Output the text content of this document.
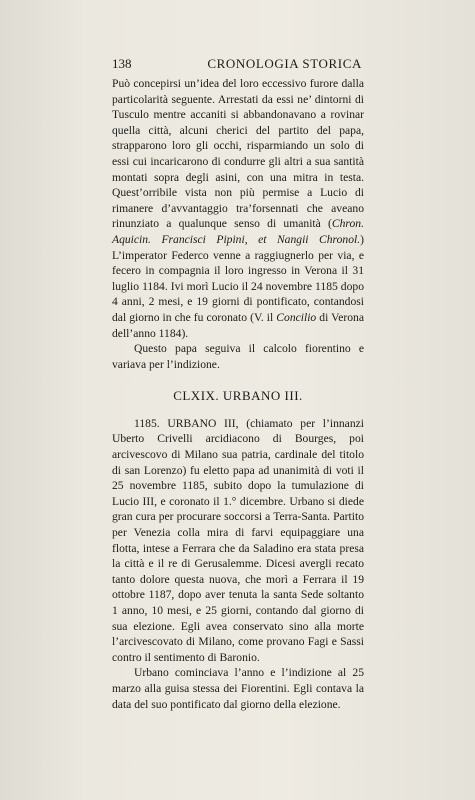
138	CRONOLOGIA STORICA

Può concepirsi un’idea del loro eccessivo furore dalla particolarità seguente. Arrestati da essi ne’ dintorni di Tusculo mentre accaniti si abbandonavano a rovinar quella città, alcuni cherici del partito del papa, strapparono loro gli occhi, risparmiando un solo di essi cui incaricarono di condurre gli altri a sua santità montati sopra degli asini, con una mitra in testa. Quest’orribile vista non più permise a Lucio di rimanere d’avvantaggio tra’forsennati che aveano rinunziato a qualunque senso di umanità (Chron. Aquicin. Francisci Pipini, et Nangii Chronol.) L’imperator Federco venne a raggiugnerlo per via, e fecero in compagnia il loro ingresso in Verona il 31 luglio 1184. Ivi morì Lucio il 24 novembre 1185 dopo 4 anni, 2 mesi, e 19 giorni di pontificato, contandosi dal giorno in che fu coronato (V. il Concilio di Verona dell’anno 1184).

Questo papa seguiva il calcolo fiorentino e variava per l’indizione.

CLXIX. URBANO III.

1185. URBANO III, (chiamato per l’innanzi Uberto Crivelli arcidiacono di Bourges, poi arcivescovo di Milano sua patria, cardinale del titolo di san Lorenzo) fu eletto papa ad unanimità di voti il 25 novembre 1185, subito dopo la tumulazione di Lucio III, e coronato il 1.° dicembre. Urbano si diede gran cura per procurare soccorsi a Terra-Santa. Partito per Venezia colla mira di farvi equipaggiare una flotta, intese a Ferrara che da Saladino era stata presa la città e il re di Gerusalemme. Dicesi avergli recato tanto dolore questa nuova, che morì a Ferrara il 19 ottobre 1187, dopo aver tenuta la santa Sede soltanto 1 anno, 10 mesi, e 25 giorni, contando dal giorno di sua elezione. Egli avea conservato sino alla morte l’arcivescovato di Milano, come provano Fagi e Sassi contro il sentimento di Baronio.

Urbano cominciava l’anno e l’indizione al 25 marzo alla guisa stessa dei Fiorentini. Egli contava la data del suo pontificato dal giorno della elezione.
